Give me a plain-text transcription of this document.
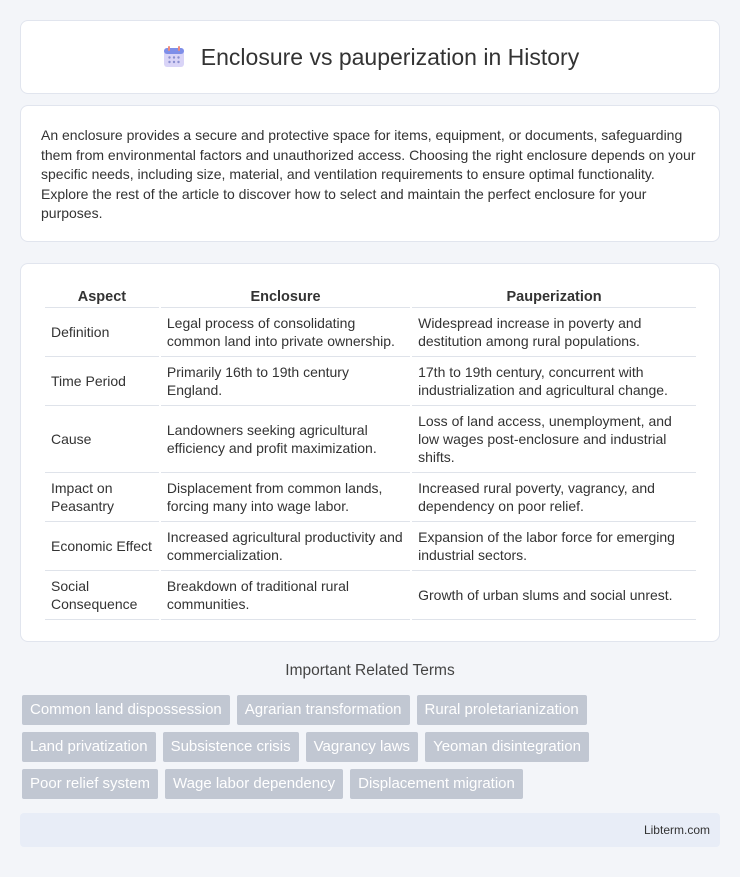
Enclosure vs pauperization in History

An enclosure provides a secure and protective space for items, equipment, or documents, safeguarding them from environmental factors and unauthorized access. Choosing the right enclosure depends on your specific needs, including size, material, and ventilation requirements to ensure optimal functionality. Explore the rest of the article to discover how to select and maintain the perfect enclosure for your purposes.

Aspect	Enclosure	Pauperization
Definition	Legal process of consolidating common land into private ownership.	Widespread increase in poverty and destitution among rural populations.
Time Period	Primarily 16th to 19th century England.	17th to 19th century, concurrent with industrialization and agricultural change.
Cause	Landowners seeking agricultural efficiency and profit maximization.	Loss of land access, unemployment, and low wages post-enclosure and industrial shifts.
Impact on Peasantry	Displacement from common lands, forcing many into wage labor.	Increased rural poverty, vagrancy, and dependency on poor relief.
Economic Effect	Increased agricultural productivity and commercialization.	Expansion of the labor force for emerging industrial sectors.
Social Consequence	Breakdown of traditional rural communities.	Growth of urban slums and social unrest.
Important Related Terms
Common land dispossession	Agrarian transformation	Rural proletarianization
Land privatization	Subsistence crisis	Vagrancy laws	Yeoman disintegration
Poor relief system	Wage labor dependency	Displacement migration
Libterm.com
